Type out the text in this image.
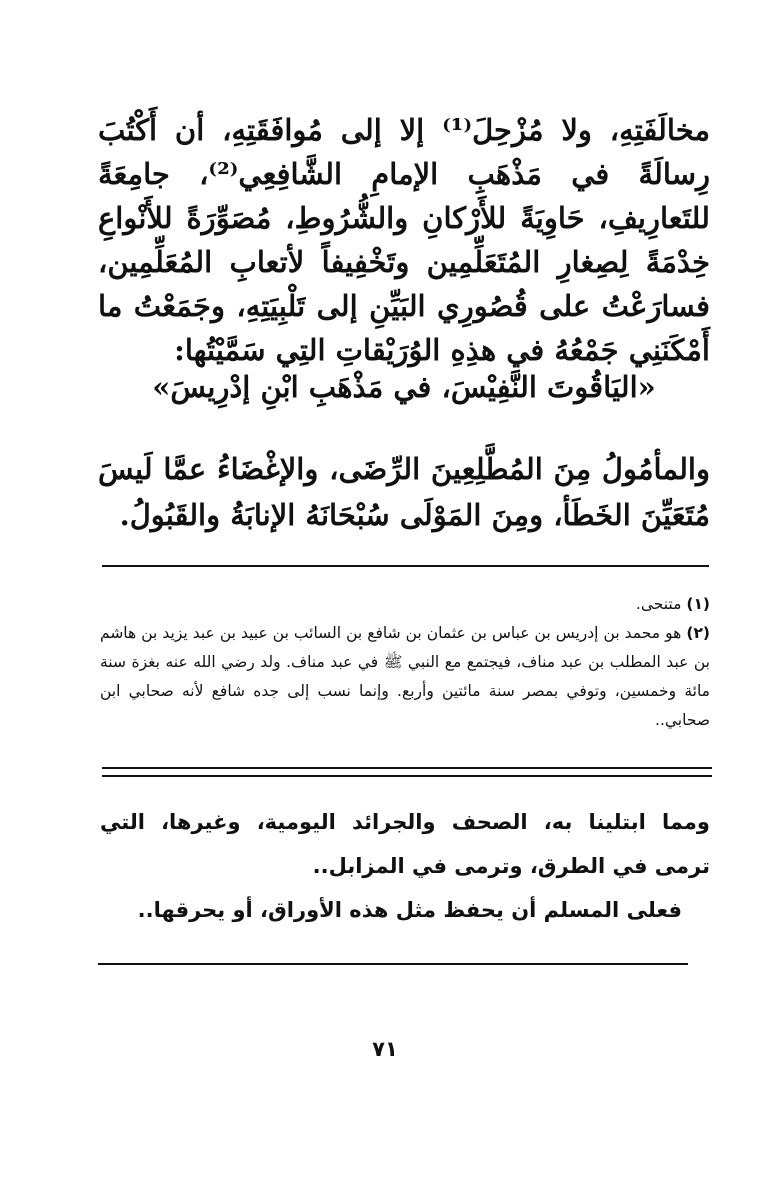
مخالَفَتِهِ، ولا مُزْحِلَ⁽¹⁾ إلا إلى مُوافَقَتِهِ، أن أَكْتُبَ رِسالَةً في مَذْهَبِ الإمامِ الشَّافِعِي⁽²⁾، جامِعَةً للتَعارِيفِ، حَاوِيَةً للأَرْكانِ والشُّرُوطِ، مُصَوِّرَةً للأَنْواعِ خِدْمَةً لِصِغارِ المُتَعَلِّمِين وتَخْفِيفاً لأتعابِ المُعَلِّمِين، فسارَعْتُ على قُصُورِي البَيِّنِ إلى تَلْبِيَتِهِ، وجَمَعْتُ ما أَمْكَنَنِي جَمْعُهُ في هذِهِ الوُرَيْقاتِ التِي سَمَّيْتُها:

«اليَاقُوتَ النَّفِيْسَ، في مَذْهَبِ ابْنِ إدْرِيسَ»

والمأمُولُ مِنَ المُطَّلِعِينَ الرِّضَى، والإغْضَاءُ عمَّا لَيسَ مُتَعَيِّنَ الخَطَأ، ومِنَ المَوْلَى سُبْحَانَهُ الإنابَةُ والقَبُولُ.

(١) متنحى.

(٢) هو محمد بن إدريس بن عباس بن عثمان بن شافع بن السائب بن عبيد بن عبد يزيد بن هاشم بن عبد المطلب بن عبد مناف، فيجتمع مع النبي ﷺ في عبد مناف. ولد رضي الله عنه بغزة سنة مائة وخمسين، وتوفي بمصر سنة مائتين وأربع. وإنما نسب إلى جده شافع لأنه صحابي ابن صحابي..

ومما ابتلينا به، الصحف والجرائد اليومية، وغيرها، التي ترمى في الطرق، وترمى في المزابل..

فعلى المسلم أن يحفظ مثل هذه الأوراق، أو يحرقها..

٧١
